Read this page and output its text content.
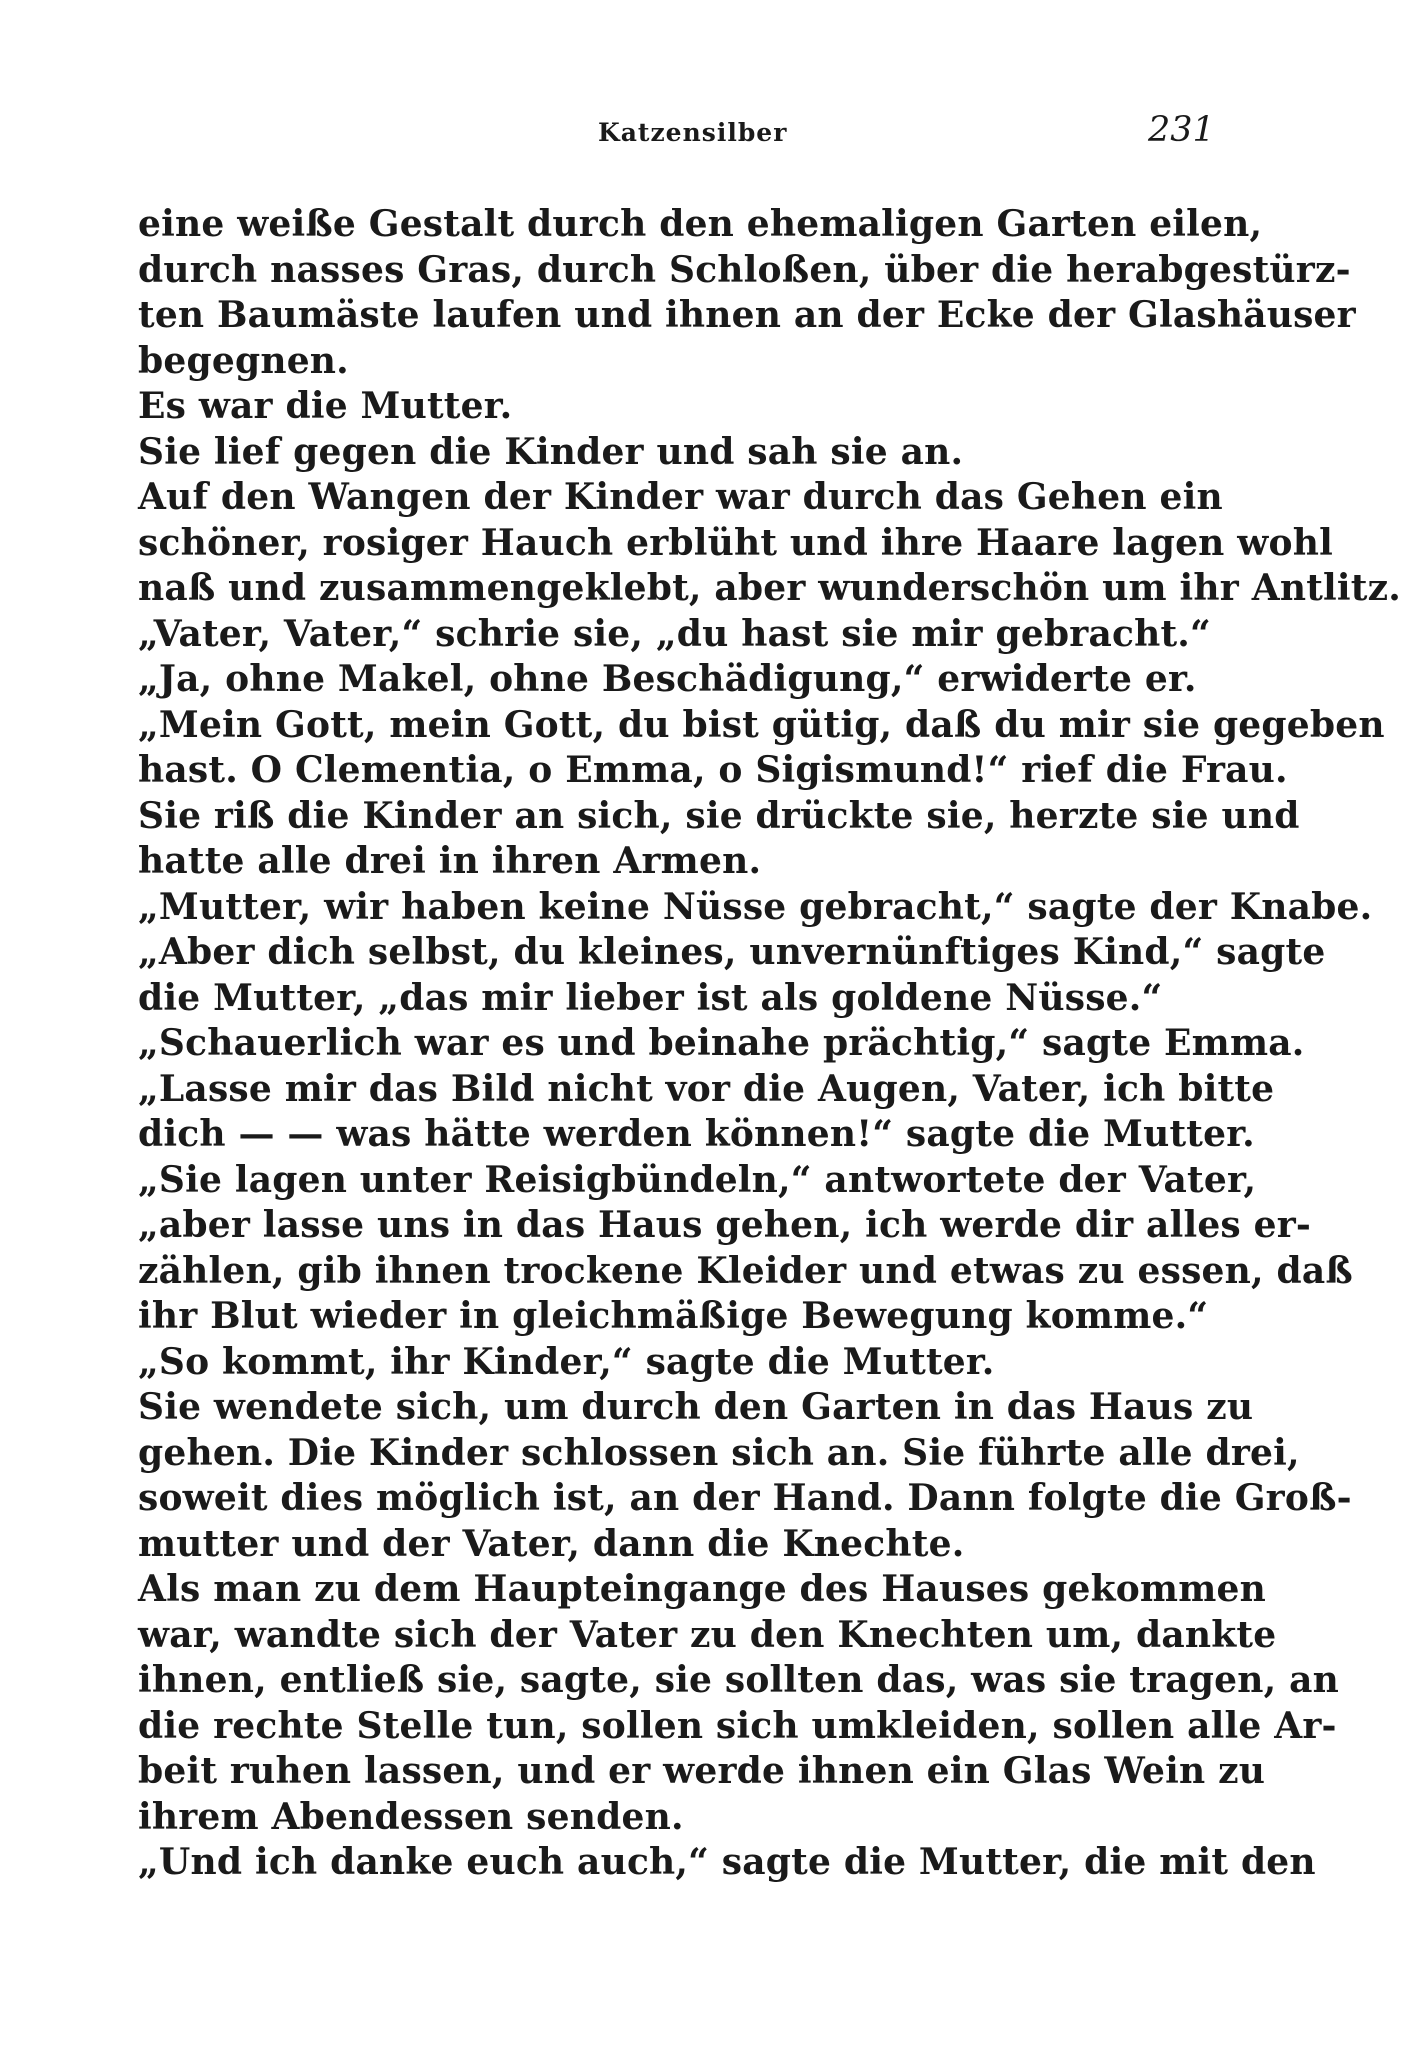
Katzensilber	231
eine weiße Gestalt durch den ehemaligen Garten eilen,
durch nasses Gras, durch Schloßen, über die herabgestürz-
ten Baumäste laufen und ihnen an der Ecke der Glashäuser
begegnen.
Es war die Mutter.
Sie lief gegen die Kinder und sah sie an.
Auf den Wangen der Kinder war durch das Gehen ein
schöner, rosiger Hauch erblüht und ihre Haare lagen wohl
naß und zusammengeklebt, aber wunderschön um ihr Antlitz.
„Vater, Vater,“ schrie sie, „du hast sie mir gebracht.“
„Ja, ohne Makel, ohne Beschädigung,“ erwiderte er.
„Mein Gott, mein Gott, du bist gütig, daß du mir sie gegeben
hast. O Clementia, o Emma, o Sigismund!“ rief die Frau.
Sie riß die Kinder an sich, sie drückte sie, herzte sie und
hatte alle drei in ihren Armen.
„Mutter, wir haben keine Nüsse gebracht,“ sagte der Knabe.
„Aber dich selbst, du kleines, unvernünftiges Kind,“ sagte
die Mutter, „das mir lieber ist als goldene Nüsse.“
„Schauerlich war es und beinahe prächtig,“ sagte Emma.
„Lasse mir das Bild nicht vor die Augen, Vater, ich bitte
dich — — was hätte werden können!“ sagte die Mutter.
„Sie lagen unter Reisigbündeln,“ antwortete der Vater,
„aber lasse uns in das Haus gehen, ich werde dir alles er-
zählen, gib ihnen trockene Kleider und etwas zu essen, daß
ihr Blut wieder in gleichmäßige Bewegung komme.“
„So kommt, ihr Kinder,“ sagte die Mutter.
Sie wendete sich, um durch den Garten in das Haus zu
gehen. Die Kinder schlossen sich an. Sie führte alle drei,
soweit dies möglich ist, an der Hand. Dann folgte die Groß-
mutter und der Vater, dann die Knechte.
Als man zu dem Haupteingange des Hauses gekommen
war, wandte sich der Vater zu den Knechten um, dankte
ihnen, entließ sie, sagte, sie sollten das, was sie tragen, an
die rechte Stelle tun, sollen sich umkleiden, sollen alle Ar-
beit ruhen lassen, und er werde ihnen ein Glas Wein zu
ihrem Abendessen senden.
„Und ich danke euch auch,“ sagte die Mutter, die mit den
